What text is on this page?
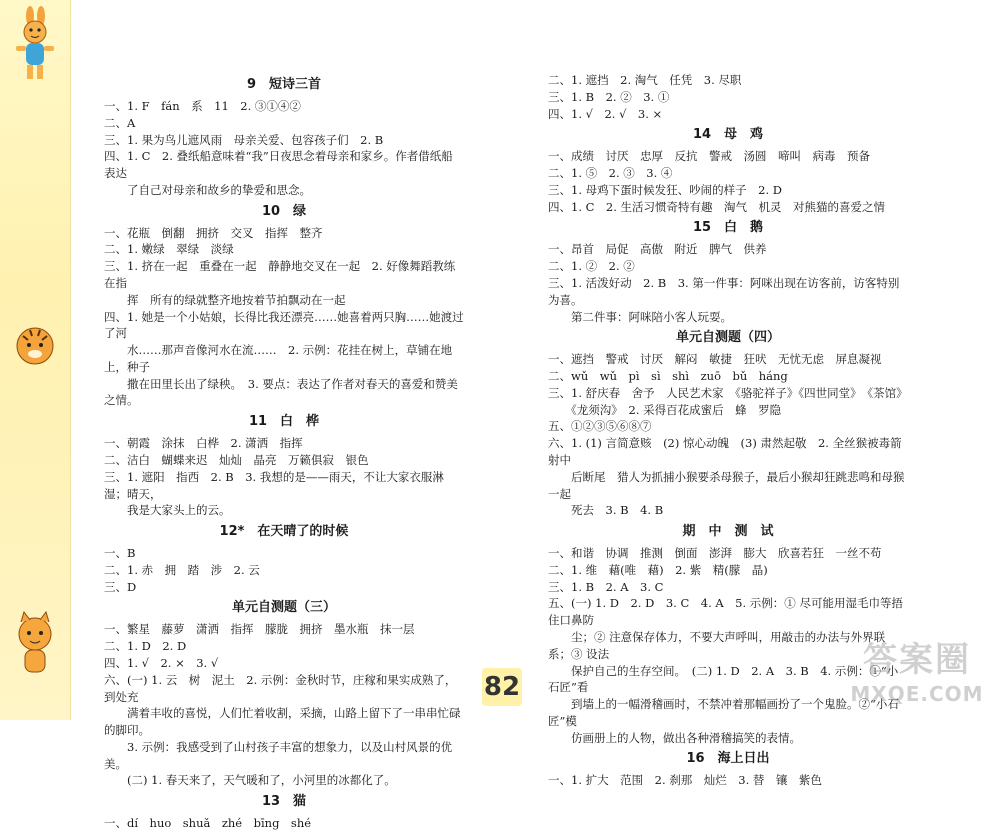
9　短诗三首
一、1. F　fán　系　11　2. ③①④②
二、A
三、1. 果为鸟儿遮风雨　母亲关爱、包容孩子们　2. B
四、1. C　2. 叠纸船意味着“我”日夜思念着母亲和家乡。作者借纸船表达
　　了自己对母亲和故乡的挚爱和思念。
10　绿
一、花瓶　倒翻　拥挤　交叉　指挥　整齐
二、1. 嫩绿　翠绿　淡绿
三、1. 挤在一起　重叠在一起　静静地交叉在一起　2. 好像舞蹈教练在指
　　挥　所有的绿就整齐地按着节拍飘动在一起
四、1. 她是一个小姑娘，长得比我还漂亮……她喜着两只胸……她渡过了河
　　水……那声音像河水在流……　2. 示例：花挂在树上，草铺在地上，种子
　　撒在田里长出了绿秧。　3. 要点：表达了作者对春天的喜爱和赞美之情。
11　白　桦
一、朝霞　涂抹　白桦　2. 潇洒　指挥
二、洁白　蝴蝶来迟　灿灿　晶亮　万籁俱寂　银色
三、1. 遮阳　指西　2. B　3. 我想的是——雨天，不让大家衣服淋湿；晴天，
　　我是大家头上的云。
12*　在天晴了的时候
一、B
二、1. 赤　拥　踏　涉　2. 云
三、D
单元自测题（三）
一、繁星　藤萝　潇洒　指挥　朦胧　拥挤　墨水瓶　抹一层
二、1. D　2. D
四、1. √　2. ×　3. √
六、(一) 1. 云　树　泥土　2. 示例：金秋时节，庄稼和果实成熟了，到处充
　　满着丰收的喜悦，人们忙着收割，采摘，山路上留下了一串串忙碌的脚印。
　　3. 示例：我感受到了山村孩子丰富的想象力，以及山村风景的优美。
　　(二) 1. 春天来了，天气暖和了，小河里的冰都化了。
13　猫
一、dí　huo　shuǎ　zhé　bīng　shé
二、1. 遮挡　2. 淘气　任凭　3. 尽职
三、1. B　2. ②　3. ①
四、1. √　2. √　3. ×
14　母　鸡
一、成绩　讨厌　忠厚　反抗　警戒　汤圆　啼叫　病毒　预备
二、1. ⑤　2. ③　3. ④
三、1. 母鸡下蛋时候发狂、吵闹的样子　2. D
四、1. C　2. 生活习惯奇特有趣　淘气　机灵　对熊猫的喜爱之情
15　白　鹅
一、昂首　局促　高傲　附近　脾气　供养
二、1. ②　2. ②
三、1. 活泼好动　2. B　3. 第一件事：阿咪出现在访客前，访客特别为喜。
　　第二件事：阿咪陪小客人玩耍。
单元自测题（四）
一、遮挡　警戒　讨厌　解闷　敏捷　狂吠　无忧无虑　屏息凝视
二、wǔ　wǔ　pì　sì　shì　zuō　bǔ　háng
三、1. 舒庆春　舍予　人民艺术家　《骆驼祥子》《四世同堂》　《茶馆》
　　《龙须沟》　2. 采得百花成蜜后　蜂　罗隐
五、①②③⑤⑥⑧⑦
六、1. (1) 言简意赅　(2) 惊心动魄　(3) 肃然起敬　2. 全丝猴被毒箭射中
　　后断尾　猎人为抓捕小猴要杀母猴子，最后小猴却狂跳悲鸣和母猴一起
　　死去　3. B　4. B
期　中　测　试
一、和谐　协调　推测　倒面　澎湃　膨大　欣喜若狂　一丝不苟
二、1. 维　藉(唯　藉)　2. 紫　精(朦　晶)
三、1. B　2. A　3. C
五、(一) 1. D　2. D　3. C　4. A　5. 示例：① 尽可能用湿毛巾等捂住口鼻防
　　尘；② 注意保存体力，不要大声呼叫，用敲击的办法与外界联系；③ 设法
　　保护自己的生存空间。　(二) 1. D　2. A　3. B　4. 示例：①“小石匠”看
　　到墙上的一幅滑稽画时，不禁冲着那幅画扮了一个鬼脸。②“小石匠”模
　　仿画册上的人物，做出各种滑稽搞笑的表情。
16　海上日出
一、1. 扩大　范围　2. 刹那　灿烂　3. 替　镶　紫色
82
答案圈
MXQE.COM
